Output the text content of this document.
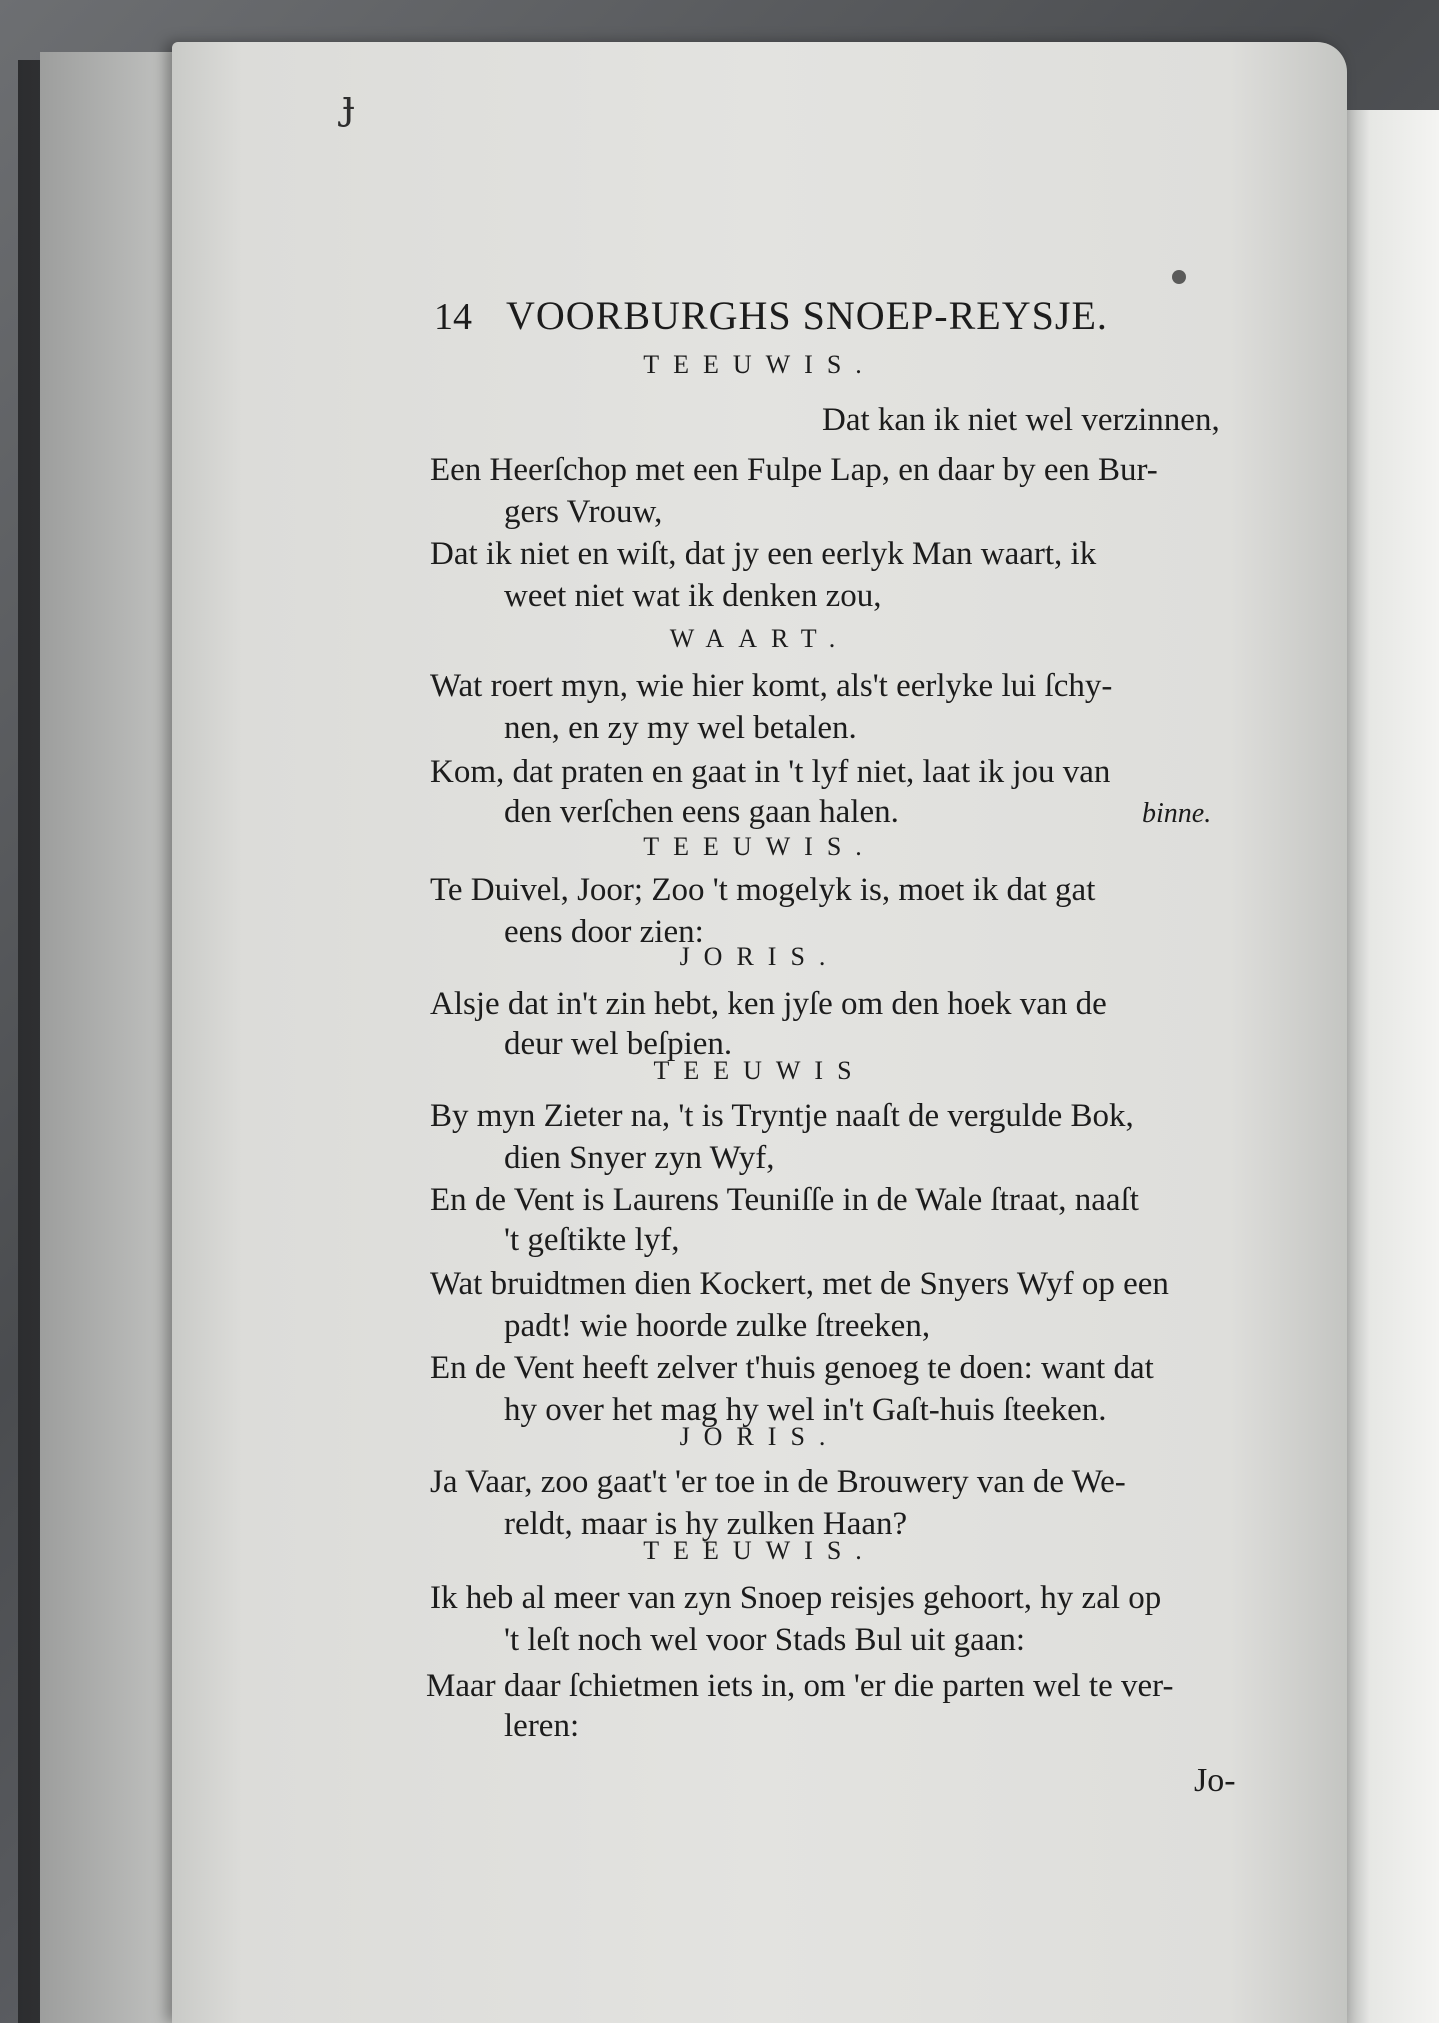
ɟ
14 VOORBURGHS SNOEP-REYSJE.
TEEUWIS.
Dat kan ik niet wel verzinnen,
Een Heerſchop met een Fulpe Lap, en daar by een Bur-
gers Vrouw,
Dat ik niet en wiſt, dat jy een eerlyk Man waart, ik
weet niet wat ik denken zou,
WAART.
Wat roert myn, wie hier komt, als't eerlyke lui ſchy-
nen, en zy my wel betalen.
Kom, dat praten en gaat in 't lyf niet, laat ik jou van
den verſchen eens gaan halen.	binne.
TEEUWIS.
Te Duivel, Joor; Zoo 't mogelyk is, moet ik dat gat
eens door zien:
JORIS.
Alsje dat in't zin hebt, ken jyſe om den hoek van de
deur wel beſpien.
TEEUWIS
By myn Zieter na, 't is Tryntje naaſt de vergulde Bok,
dien Snyer zyn Wyf,
En de Vent is Laurens Teuniſſe in de Wale ſtraat, naaſt
't geſtikte lyf,
Wat bruidtmen dien Kockert, met de Snyers Wyf op een
padt! wie hoorde zulke ſtreeken,
En de Vent heeft zelver t'huis genoeg te doen: want dat
hy over het mag hy wel in't Gaſt-huis ſteeken.
JORIS.
Ja Vaar, zoo gaat't 'er toe in de Brouwery van de We-
reldt, maar is hy zulken Haan?
TEEUWIS.
Ik heb al meer van zyn Snoep reisjes gehoort, hy zal op
't leſt noch wel voor Stads Bul uit gaan:
Maar daar ſchietmen iets in, om 'er die parten wel te ver-
leren:
Jo-
